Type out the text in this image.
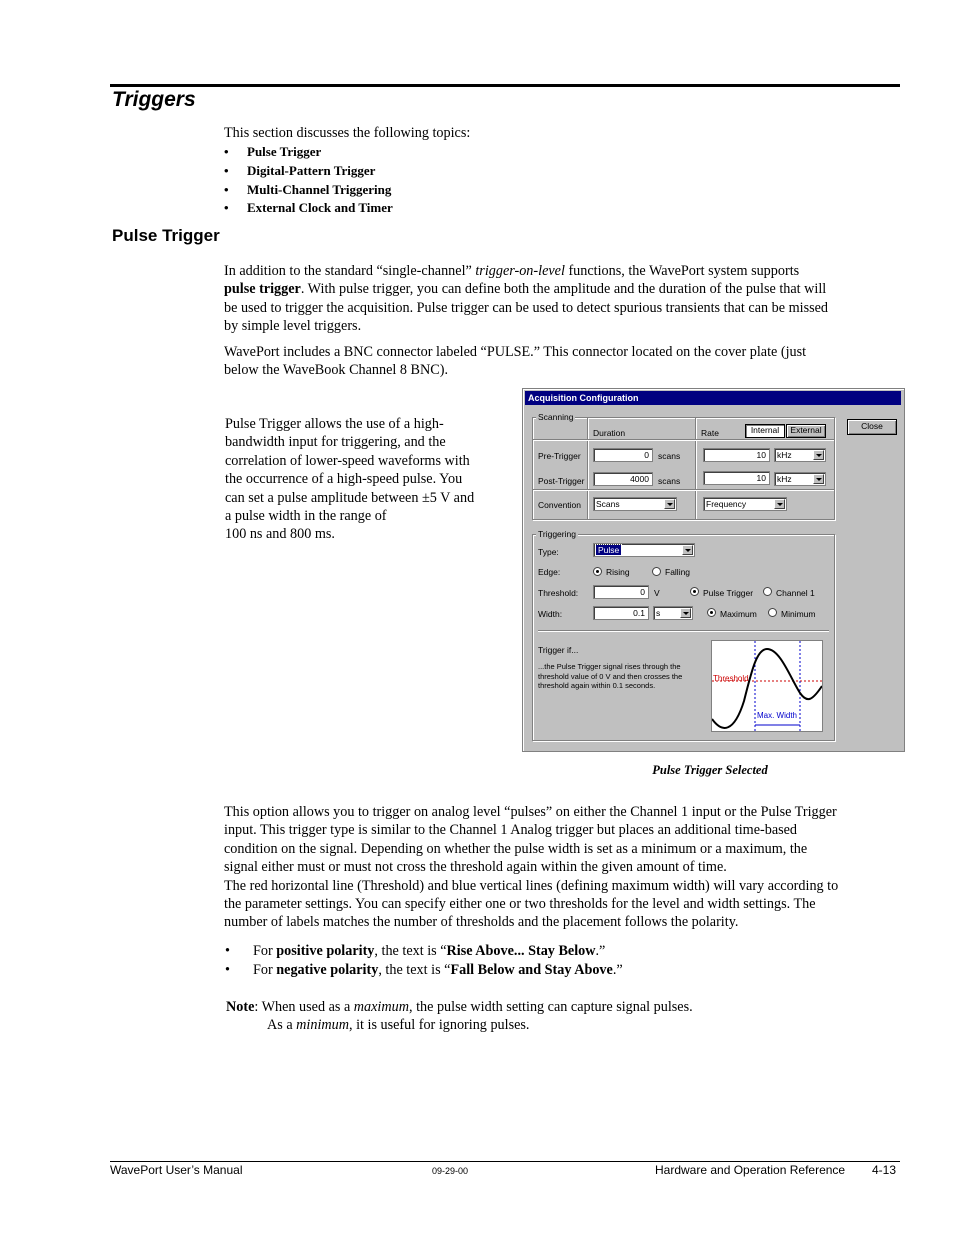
Triggers
This section discusses the following topics:
• Pulse Trigger
• Digital-Pattern Trigger
• Multi-Channel Triggering
• External Clock and Timer
Pulse Trigger
In addition to the standard “single-channel” trigger-on-level functions, the WavePort system supports
pulse trigger. With pulse trigger, you can define both the amplitude and the duration of the pulse that will
be used to trigger the acquisition. Pulse trigger can be used to detect spurious transients that can be missed
by simple level triggers.
WavePort includes a BNC connector labeled “PULSE.” This connector located on the cover plate (just
below the WaveBook Channel 8 BNC).
Pulse Trigger allows the use of a high-
bandwidth input for triggering, and the
correlation of lower-speed waveforms with
the occurrence of a high-speed pulse. You
can set a pulse amplitude between ±5 V and
a pulse width in the range of
100 ns and 800 ms.
Acquisition Configuration
Close
Scanning
Duration	Rate	Internal	External
Pre-Trigger	0	scans	10	kHz
Post-Trigger	4000	scans	10	kHz
Convention	Scans	Frequency
Triggering
Type:	Pulse
Edge:	Rising	Falling
Threshold:	0	V	Pulse Trigger	Channel 1
Width:	0.1	s	Maximum	Minimum
Trigger if...
...the Pulse Trigger signal rises through the
threshold value of 0 V and then crosses the
threshold again within 0.1 seconds.
Threshold
Max. Width
Pulse Trigger Selected
This option allows you to trigger on analog level “pulses” on either the Channel 1 input or the Pulse Trigger
input. This trigger type is similar to the Channel 1 Analog trigger but places an additional time-based
condition on the signal. Depending on whether the pulse width is set as a minimum or a maximum, the
signal either must or must not cross the threshold again within the given amount of time.
The red horizontal line (Threshold) and blue vertical lines (defining maximum width) will vary according to
the parameter settings. You can specify either one or two thresholds for the level and width settings. The
number of labels matches the number of thresholds and the placement follows the polarity.
• For positive polarity, the text is “Rise Above... Stay Below.”
• For negative polarity, the text is “Fall Below and Stay Above.”
Note: When used as a maximum, the pulse width setting can capture signal pulses.
As a minimum, it is useful for ignoring pulses.
WavePort User’s Manual	09-29-00	Hardware and Operation Reference 4-13
